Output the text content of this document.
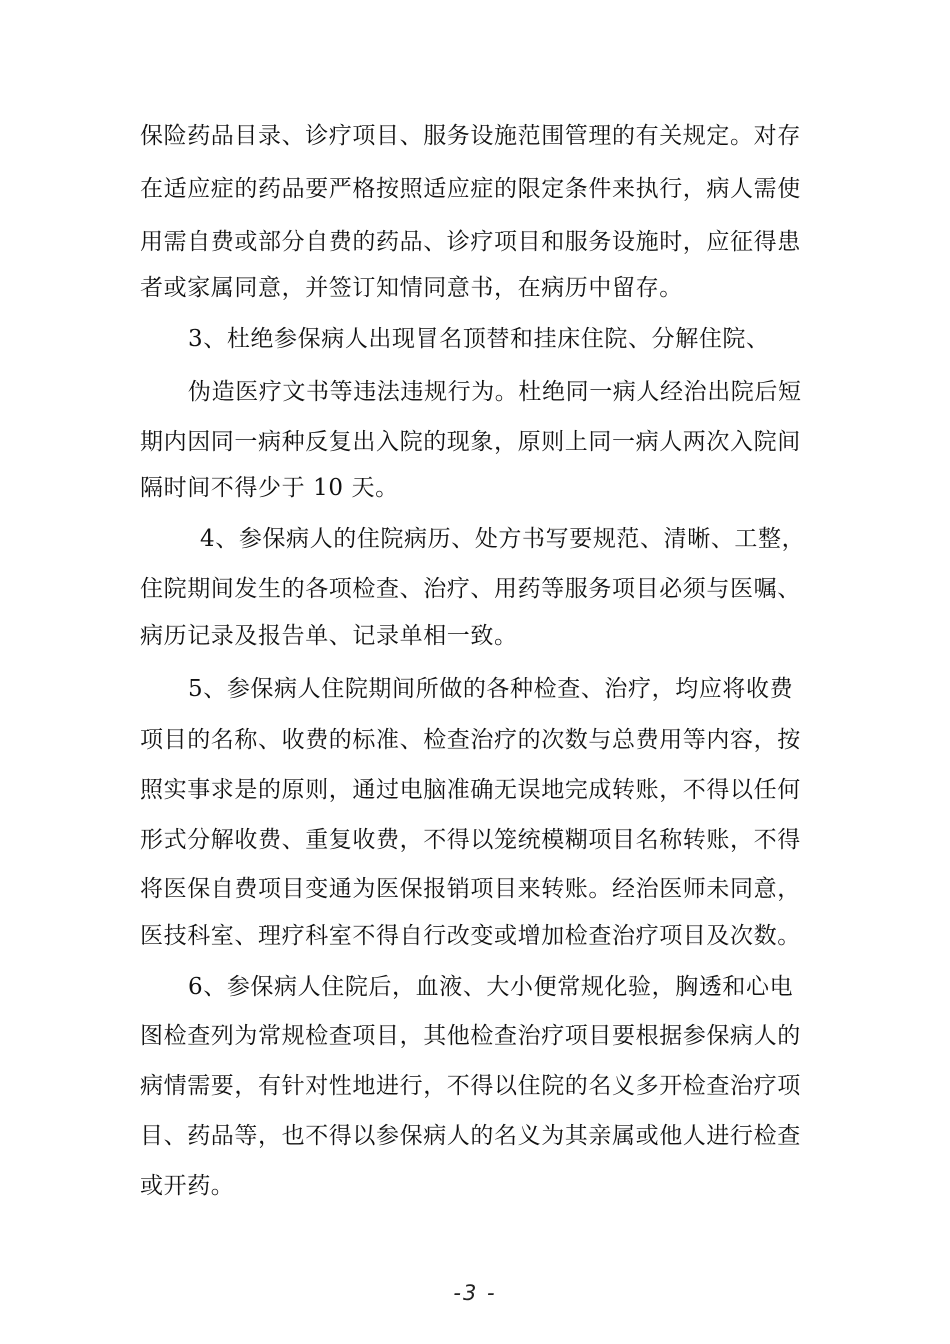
保险药品目录、诊疗项目、服务设施范围管理的有关规定。对存
在适应症的药品要严格按照适应症的限定条件来执行，病人需使
用需自费或部分自费的药品、诊疗项目和服务设施时，应征得患
者或家属同意，并签订知情同意书，在病历中留存。
3、杜绝参保病人出现冒名顶替和挂床住院、分解住院、
伪造医疗文书等违法违规行为。杜绝同一病人经治出院后短
期内因同一病种反复出入院的现象，原则上同一病人两次入院间
隔时间不得少于 10 天。
4、参保病人的住院病历、处方书写要规范、清晰、工整，
住院期间发生的各项检查、治疗、用药等服务项目必须与医嘱、
病历记录及报告单、记录单相一致。
5、参保病人住院期间所做的各种检查、治疗，均应将收费
项目的名称、收费的标准、检查治疗的次数与总费用等内容，按
照实事求是的原则，通过电脑准确无误地完成转账，不得以任何
形式分解收费、重复收费，不得以笼统模糊项目名称转账，不得
将医保自费项目变通为医保报销项目来转账。经治医师未同意，
医技科室、理疗科室不得自行改变或增加检查治疗项目及次数。
6、参保病人住院后，血液、大小便常规化验，胸透和心电
图检查列为常规检查项目，其他检查治疗项目要根据参保病人的
病情需要，有针对性地进行，不得以住院的名义多开检查治疗项
目、药品等，也不得以参保病人的名义为其亲属或他人进行检查
或开药。
-3 -
